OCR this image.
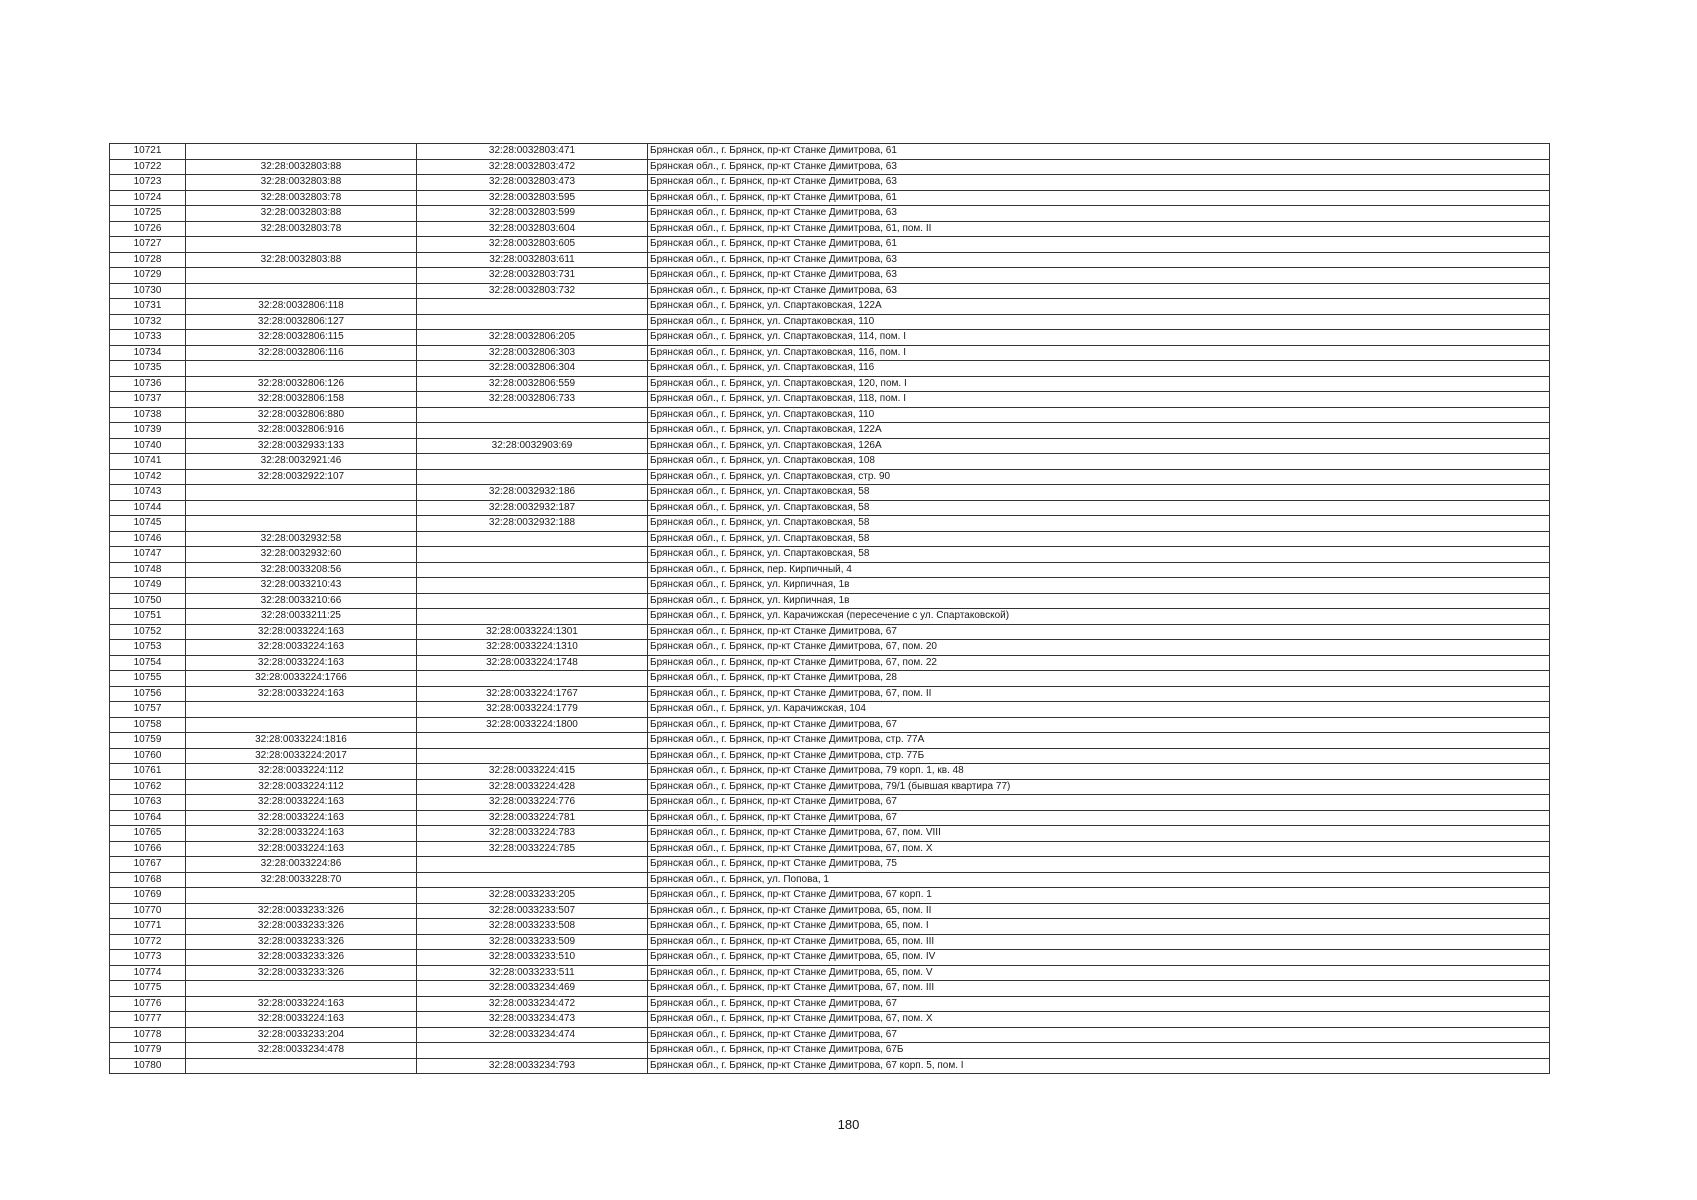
10721		32:28:0032803:471	Брянская обл., г. Брянск, пр-кт Станке Димитрова, 61
10722	32:28:0032803:88	32:28:0032803:472	Брянская обл., г. Брянск, пр-кт Станке Димитрова, 63
10723	32:28:0032803:88	32:28:0032803:473	Брянская обл., г. Брянск, пр-кт Станке Димитрова, 63
10724	32:28:0032803:78	32:28:0032803:595	Брянская обл., г. Брянск, пр-кт Станке Димитрова, 61
10725	32:28:0032803:88	32:28:0032803:599	Брянская обл., г. Брянск, пр-кт Станке Димитрова, 63
10726	32:28:0032803:78	32:28:0032803:604	Брянская обл., г. Брянск, пр-кт Станке Димитрова, 61, пом. II
10727		32:28:0032803:605	Брянская обл., г. Брянск, пр-кт Станке Димитрова, 61
10728	32:28:0032803:88	32:28:0032803:611	Брянская обл., г. Брянск, пр-кт Станке Димитрова, 63
10729		32:28:0032803:731	Брянская обл., г. Брянск, пр-кт Станке Димитрова, 63
10730		32:28:0032803:732	Брянская обл., г. Брянск, пр-кт Станке Димитрова, 63
10731	32:28:0032806:118		Брянская обл., г. Брянск, ул. Спартаковская, 122А
10732	32:28:0032806:127		Брянская обл., г. Брянск, ул. Спартаковская, 110
10733	32:28:0032806:115	32:28:0032806:205	Брянская обл., г. Брянск, ул. Спартаковская, 114, пом. I
10734	32:28:0032806:116	32:28:0032806:303	Брянская обл., г. Брянск, ул. Спартаковская, 116, пом. I
10735		32:28:0032806:304	Брянская обл., г. Брянск, ул. Спартаковская, 116
10736	32:28:0032806:126	32:28:0032806:559	Брянская обл., г. Брянск, ул. Спартаковская, 120, пом. I
10737	32:28:0032806:158	32:28:0032806:733	Брянская обл., г. Брянск, ул. Спартаковская, 118, пом. I
10738	32:28:0032806:880		Брянская обл., г. Брянск, ул. Спартаковская, 110
10739	32:28:0032806:916		Брянская обл., г. Брянск, ул. Спартаковская, 122А
10740	32:28:0032933:133	32:28:0032903:69	Брянская обл., г. Брянск, ул. Спартаковская, 126А
10741	32:28:0032921:46		Брянская обл., г. Брянск, ул. Спартаковская, 108
10742	32:28:0032922:107		Брянская обл., г. Брянск, ул. Спартаковская, стр. 90
10743		32:28:0032932:186	Брянская обл., г. Брянск, ул. Спартаковская, 58
10744		32:28:0032932:187	Брянская обл., г. Брянск, ул. Спартаковская, 58
10745		32:28:0032932:188	Брянская обл., г. Брянск, ул. Спартаковская, 58
10746	32:28:0032932:58		Брянская обл., г. Брянск, ул. Спартаковская, 58
10747	32:28:0032932:60		Брянская обл., г. Брянск, ул. Спартаковская, 58
10748	32:28:0033208:56		Брянская обл., г. Брянск, пер. Кирпичный, 4
10749	32:28:0033210:43		Брянская обл., г. Брянск, ул. Кирпичная, 1в
10750	32:28:0033210:66		Брянская обл., г. Брянск, ул. Кирпичная, 1в
10751	32:28:0033211:25		Брянская обл., г. Брянск, ул. Карачижская (пересечение с ул. Спартаковской)
10752	32:28:0033224:163	32:28:0033224:1301	Брянская обл., г. Брянск, пр-кт Станке Димитрова, 67
10753	32:28:0033224:163	32:28:0033224:1310	Брянская обл., г. Брянск, пр-кт Станке Димитрова, 67, пом. 20
10754	32:28:0033224:163	32:28:0033224:1748	Брянская обл., г. Брянск, пр-кт Станке Димитрова, 67, пом. 22
10755	32:28:0033224:1766		Брянская обл., г. Брянск, пр-кт Станке Димитрова, 28
10756	32:28:0033224:163	32:28:0033224:1767	Брянская обл., г. Брянск, пр-кт Станке Димитрова, 67, пом. II
10757		32:28:0033224:1779	Брянская обл., г. Брянск, ул. Карачижская, 104
10758		32:28:0033224:1800	Брянская обл., г. Брянск, пр-кт Станке Димитрова, 67
10759	32:28:0033224:1816		Брянская обл., г. Брянск, пр-кт Станке Димитрова, стр. 77А
10760	32:28:0033224:2017		Брянская обл., г. Брянск, пр-кт Станке Димитрова, стр. 77Б
10761	32:28:0033224:112	32:28:0033224:415	Брянская обл., г. Брянск, пр-кт Станке Димитрова, 79 корп. 1, кв. 48
10762	32:28:0033224:112	32:28:0033224:428	Брянская обл., г. Брянск, пр-кт Станке Димитрова, 79/1 (бывшая квартира 77)
10763	32:28:0033224:163	32:28:0033224:776	Брянская обл., г. Брянск, пр-кт Станке Димитрова, 67
10764	32:28:0033224:163	32:28:0033224:781	Брянская обл., г. Брянск, пр-кт Станке Димитрова, 67
10765	32:28:0033224:163	32:28:0033224:783	Брянская обл., г. Брянск, пр-кт Станке Димитрова, 67, пом. VIII
10766	32:28:0033224:163	32:28:0033224:785	Брянская обл., г. Брянск, пр-кт Станке Димитрова, 67, пом. X
10767	32:28:0033224:86		Брянская обл., г. Брянск, пр-кт Станке Димитрова, 75
10768	32:28:0033228:70		Брянская обл., г. Брянск, ул. Попова, 1
10769		32:28:0033233:205	Брянская обл., г. Брянск, пр-кт Станке Димитрова, 67 корп. 1
10770	32:28:0033233:326	32:28:0033233:507	Брянская обл., г. Брянск, пр-кт Станке Димитрова, 65, пом. II
10771	32:28:0033233:326	32:28:0033233:508	Брянская обл., г. Брянск, пр-кт Станке Димитрова, 65, пом. I
10772	32:28:0033233:326	32:28:0033233:509	Брянская обл., г. Брянск, пр-кт Станке Димитрова, 65, пом. III
10773	32:28:0033233:326	32:28:0033233:510	Брянская обл., г. Брянск, пр-кт Станке Димитрова, 65, пом. IV
10774	32:28:0033233:326	32:28:0033233:511	Брянская обл., г. Брянск, пр-кт Станке Димитрова, 65, пом. V
10775		32:28:0033234:469	Брянская обл., г. Брянск, пр-кт Станке Димитрова, 67, пом. III
10776	32:28:0033224:163	32:28:0033234:472	Брянская обл., г. Брянск, пр-кт Станке Димитрова, 67
10777	32:28:0033224:163	32:28:0033234:473	Брянская обл., г. Брянск, пр-кт Станке Димитрова, 67, пом. X
10778	32:28:0033233:204	32:28:0033234:474	Брянская обл., г. Брянск, пр-кт Станке Димитрова, 67
10779	32:28:0033234:478		Брянская обл., г. Брянск, пр-кт Станке Димитрова, 67Б
10780		32:28:0033234:793	Брянская обл., г. Брянск, пр-кт Станке Димитрова, 67 корп. 5, пом. I
180
